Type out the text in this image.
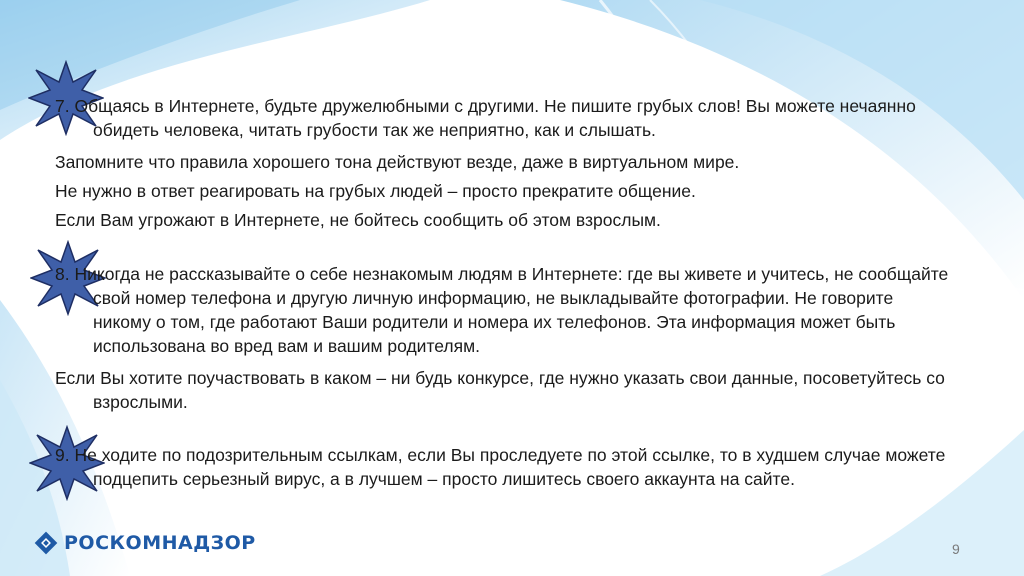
7. Общаясь в Интернете, будьте дружелюбными с другими. Не пишите грубых слов! Вы можете нечаянно обидеть человека, читать грубости так же неприятно, как и слышать.
Запомните что правила хорошего тона действуют везде, даже в виртуальном мире.
Не нужно в ответ реагировать на грубых людей – просто прекратите общение.
Если Вам угрожают в Интернете, не бойтесь сообщить об этом взрослым.
8. Никогда не рассказывайте о себе незнакомым людям в Интернете: где вы живете и учитесь, не сообщайте свой номер телефона и другую личную информацию, не выкладывайте фотографии. Не говорите никому о том, где работают Ваши родители и номера их телефонов. Эта информация может быть использована во вред вам и вашим родителям.
Если Вы хотите поучаствовать в каком – ни будь конкурсе, где нужно указать свои данные, посоветуйтесь со взрослыми.
9. Не ходите по подозрительным ссылкам, если Вы проследуете по этой ссылке, то в худшем случае можете подцепить серьезный вирус, а в лучшем – просто лишитесь своего аккаунта на сайте.
РОСКОМНАДЗОР	9
